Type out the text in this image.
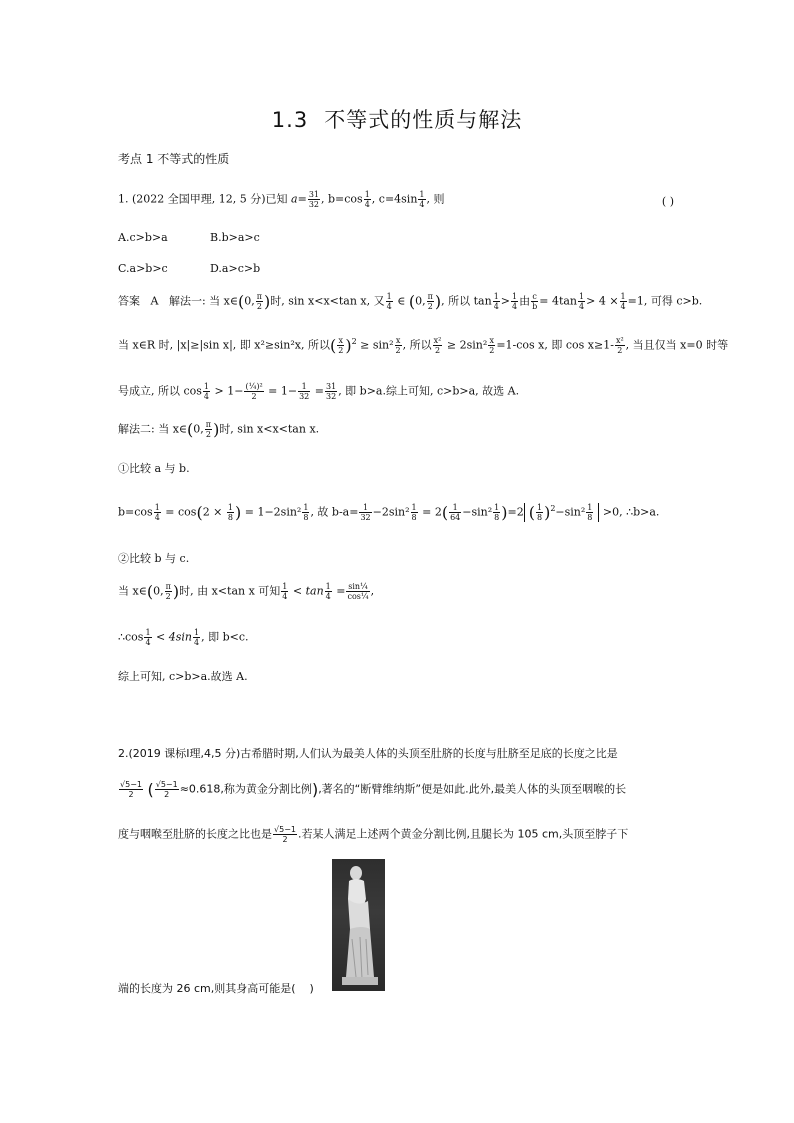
1.3 不等式的性质与解法
考点 1 不等式的性质
1. (2022 全国甲理, 12, 5 分)已知 $a= \frac{31}{32}$ , $b=\cos \frac{1}{4}$ , $c=4\sin \frac{1}{4}$ , 则	( )
A.c>b>a	B.b>a>c
C.a>b>c	D.a>c>b
答案 A 解法一: 当 x∈(0, $\frac{\pi}{2}$ )时, sin x<x<tan x, 又 $\frac{1}{4}$ ∈ (0, $\frac{\pi}{2}$ ), 所以 $\tan \frac{1}{4} > \frac{1}{4}$ 由 $\frac{c}{b} = 4\tan \frac{1}{4} > 4 \times \frac{1}{4} =1$, 可得 c>b.
当 x∈R 时, |x|≥|sin x|, 即 x²≥sin²x, 所以( $\frac{x}{2} )^2 \ge \sin^2 \frac{x}{2}$ , 所以 $\frac{\text{x²}}{2} \ge 2\sin^2 \frac{x}{2} =1-\cos$ x, 即 $\cos x\ge 1- \frac{\text{x²}}{2}$ , 当且仅当 x=0 时等
号成立, 所以 $\cos \frac{1}{4} > 1- \frac{\text{(¼)²}}{2} = 1- \frac{1}{32} = \frac{31}{32}$ , 即 b>a.综上可知, c>b>a, 故选 A.
解法二: 当 x∈(0, $\frac{\pi}{2}$ )时, sin x<x<tan x.
①比较 a 与 b.
$b=\cos \frac{1}{4} = \cos(2 \times \frac{1}{8}$ ) = $1-2\sin^2 \frac{1}{8}$ , 故 $b-a= \frac{1}{32} -2\sin^2 \frac{1}{8} = 2( \frac{1}{64} -\sin^2 \frac{1}{8} )=2$ ( $\frac{1}{8} )^2-\sin^2 \frac{1}{8} >0$, ∴b>a.
②比较 b 与 c.
当 x∈(0, $\frac{\pi}{2}$ )时, 由 x<tan x 可知 $\frac{1}{4} < \tan \frac{1}{4} = \frac{\text{sin¼}}{\text{cos¼}}$ ,
∴cos $\frac{1}{4} < 4\sin \frac{1}{4}$ , 即 b<c.
综上可知, c>b>a.故选 A.
2.(2019 课标Ⅰ理,4,5 分)古希腊时期,人们认为最美人体的头顶至肚脐的长度与肚脐至足底的长度之比是
$\frac{√5-1}{2}$ ( $\frac{√5-1}{2} \approx 0.618$,称为黄金分割比例),著名的“断臂维纳斯”便是如此.此外,最美人体的头顶至咽喉的长
度与咽喉至肚脐的长度之比也是 $\frac{√5-1}{2}$ .若某人满足上述两个黄金分割比例,且腿长为 105 cm,头顶至脖子下
端的长度为 26 cm,则其身高可能是( )
